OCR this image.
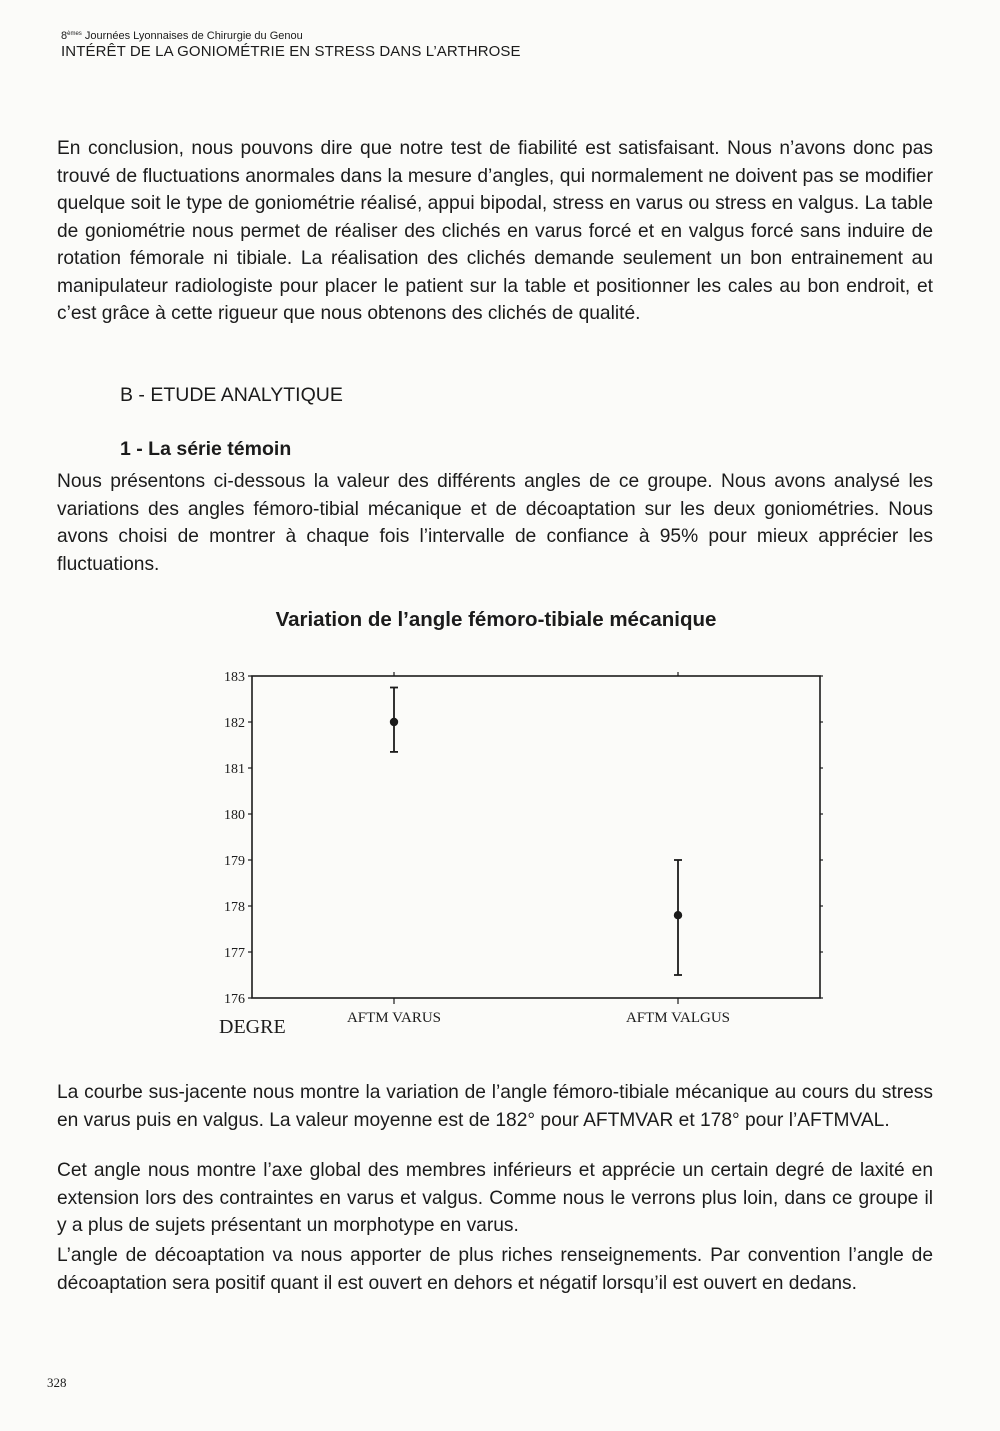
8èmes Journées Lyonnaises de Chirurgie du Genou
INTÉRÊT DE LA GONIOMÉTRIE EN STRESS DANS L’ARTHROSE

En conclusion, nous pouvons dire que notre test de fiabilité est satisfaisant. Nous n’avons donc pas trouvé de fluctuations anormales dans la mesure d’angles, qui normalement ne doivent pas se modifier quelque soit le type de goniométrie réalisé, appui bipodal, stress en varus ou stress en valgus. La table de goniométrie nous permet de réaliser des clichés en varus forcé et en valgus forcé sans induire de rotation fémorale ni tibiale. La réalisation des clichés demande seulement un bon entrainement au manipulateur radiologiste pour placer le patient sur la table et positionner les cales au bon endroit, et c’est grâce à cette rigueur que nous obtenons des clichés de qualité.

B - ETUDE ANALYTIQUE
1 - La série témoin

Nous présentons ci-dessous la valeur des différents angles de ce groupe. Nous avons analysé les variations des angles fémoro-tibial mécanique et de décoaptation sur les deux goniométries. Nous avons choisi de montrer à chaque fois l’intervalle de confiance à 95% pour mieux apprécier les fluctuations.

Variation de l’angle fémoro-tibiale mécanique
176
177
178
179
180
181
182
183
AFTM VARUS	AFTM VALGUS
DEGRE

La courbe sus-jacente nous montre la variation de l’angle fémoro-tibiale mécanique au cours du stress en varus puis en valgus. La valeur moyenne est de 182° pour AFTMVAR et 178° pour l’AFTMVAL.

Cet angle nous montre l’axe global des membres inférieurs et apprécie un certain degré de laxité en extension lors des contraintes en varus et valgus. Comme nous le verrons plus loin, dans ce groupe il y a plus de sujets présentant un morphotype en varus.

L’angle de décoaptation va nous apporter de plus riches renseignements. Par convention l’angle de décoaptation sera positif quant il est ouvert en dehors et négatif lorsqu’il est ouvert en dedans.

328
